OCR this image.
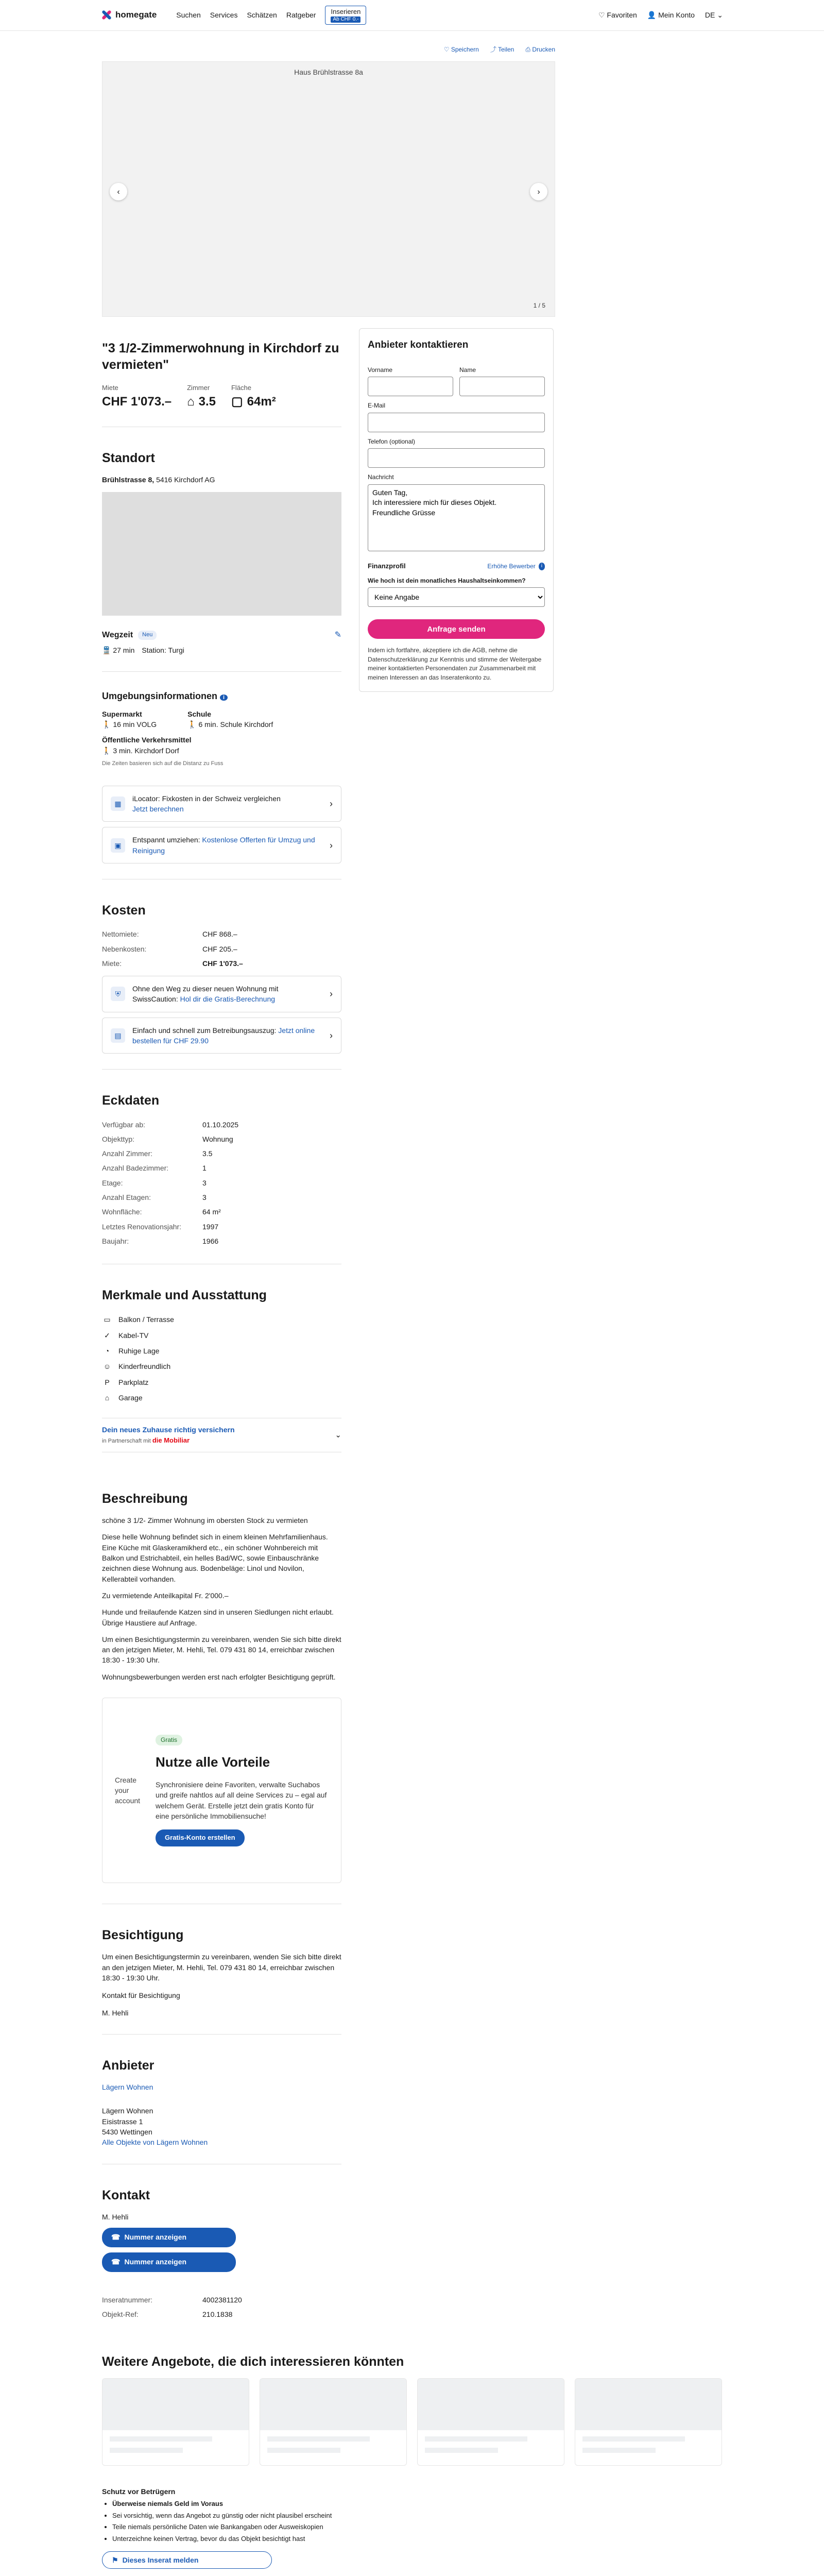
homegate	Suchen Services Schätzen Ratgeber	Inserieren
Ab CHF 0.-
♡ Favoriten 👤 Mein Konto DE ⌄
♡ Speichern ⤴ Teilen ⎙ Drucken
Haus Brühlstrasse 8a
‹	›
1 / 5
"3 1/2-Zimmerwohnung in Kirchdorf zu vermieten"
Miete
CHF 1'073.–
Zimmer
⌂ 3.5
Fläche
▢ 64m²
Standort
Brühlstrasse 8, 5416 Kirchdorf AG
Wegzeit	Neu	✎
🚆 27 min Station: Turgi
Umgebungsinformationen i
Supermarkt
🚶 16 min VOLG
Schule
🚶 6 min. Schule Kirchdorf
Öffentliche Verkehrsmittel
🚶 3 min. Kirchdorf Dorf
Die Zeiten basieren sich auf die Distanz zu Fuss
▦
iLocator: Fixkosten in der Schweiz vergleichen
Jetzt berechnen
›
▣
Entspannt umziehen: Kostenlose Offerten für Umzug und Reinigung
›
Kosten
Nettomiete:	CHF 868.–
Nebenkosten:	CHF 205.–
Miete:	CHF 1'073.–
⛨
Ohne den Weg zu dieser neuen Wohnung mit SwissCaution: Hol dir die Gratis-Berechnung
›
▤
Einfach und schnell zum Betreibungsauszug: Jetzt online bestellen für CHF 29.90
›
Eckdaten
Verfügbar ab:	01.10.2025
Objekttyp:	Wohnung
Anzahl Zimmer:	3.5
Anzahl Badezimmer:	1
Etage:	3
Anzahl Etagen:	3
Wohnfläche:	64 m²
Letztes Renovationsjahr:	1997
Baujahr:	1966
Merkmale und Ausstattung
▭ Balkon / Terrasse
✓ Kabel-TV
◔	Ruhige Lage
☺ Kinderfreundlich
P	Parkplatz
⌂	Garage
Dein neues Zuhause richtig versichern
in Partnerschaft mit die Mobiliar
⌄
Beschreibung

schöne 3 1/2- Zimmer Wohnung im obersten Stock zu vermieten

Diese helle Wohnung befindet sich in einem kleinen Mehrfamilienhaus. Eine Küche mit Glaskeramikherd etc., ein schöner Wohnbereich mit Balkon und Estrichabteil, ein helles Bad/WC, sowie Einbauschränke zeichnen diese Wohnung aus. Bodenbeläge: Linol und Novilon, Kellerabteil vorhanden.

Zu vermietende Anteilkapital Fr. 2'000.–

Hunde und freilaufende Katzen sind in unseren Siedlungen nicht erlaubt. Übrige Haustiere auf Anfrage.

Um einen Besichtigungstermin zu vereinbaren, wenden Sie sich bitte direkt an den jetzigen Mieter, M. Hehli, Tel. 079 431 80 14, erreichbar zwischen 18:30 - 19:30 Uhr.

Wohnungsbewerbungen werden erst nach erfolgter Besichtigung geprüft.

Create your account
Gratis
Nutze alle Vorteile

Synchronisiere deine Favoriten, verwalte Suchabos und greife nahtlos auf all deine Services zu – egal auf welchem Gerät. Erstelle jetzt dein gratis Konto für eine persönliche Immobiliensuche!

Gratis-Konto erstellen
Besichtigung

Um einen Besichtigungstermin zu vereinbaren, wenden Sie sich bitte direkt an den jetzigen Mieter, M. Hehli, Tel. 079 431 80 14, erreichbar zwischen 18:30 - 19:30 Uhr.

Kontakt für Besichtigung

M. Hehli

Anbieter
Lägern Wohnen
Lägern Wohnen
Eisistrasse 1
5430 Wettingen
Alle Objekte von Lägern Wohnen
Kontakt
M. Hehli
☎ Nummer anzeigen
☎ Nummer anzeigen
Inseratnummer:	4002381120
Objekt-Ref:	210.1838
Anbieter kontaktieren
Vorname	Name
E-Mail
Telefon (optional)
Nachricht
Guten Tag, Ich interessiere mich für dieses Objekt. Freundliche Grüsse
Finanzprofil	Erhöhe Bewerber	i
Wie hoch ist dein monatliches Haushaltseinkommen?
Keine Angabe
Anfrage senden

Indem ich fortfahre, akzeptiere ich die AGB, nehme die Datenschutzerklärung zur Kenntnis und stimme der Weitergabe meiner kontaktierten Personendaten zur Zusammenarbeit mit meinen Interessen an das Inseratenkonto zu.

Weitere Angebote, die dich interessieren könnten
Schutz vor Betrügern
• Überweise niemals Geld im Voraus
• Sei vorsichtig, wenn das Angebot zu günstig oder nicht plausibel erscheint
• Teile niemals persönliche Daten wie Bankangaben oder Ausweiskopien
• Unterzeichne keinen Vertrag, bevor du das Objekt besichtigt hast
⚑ Dieses Inserat melden
